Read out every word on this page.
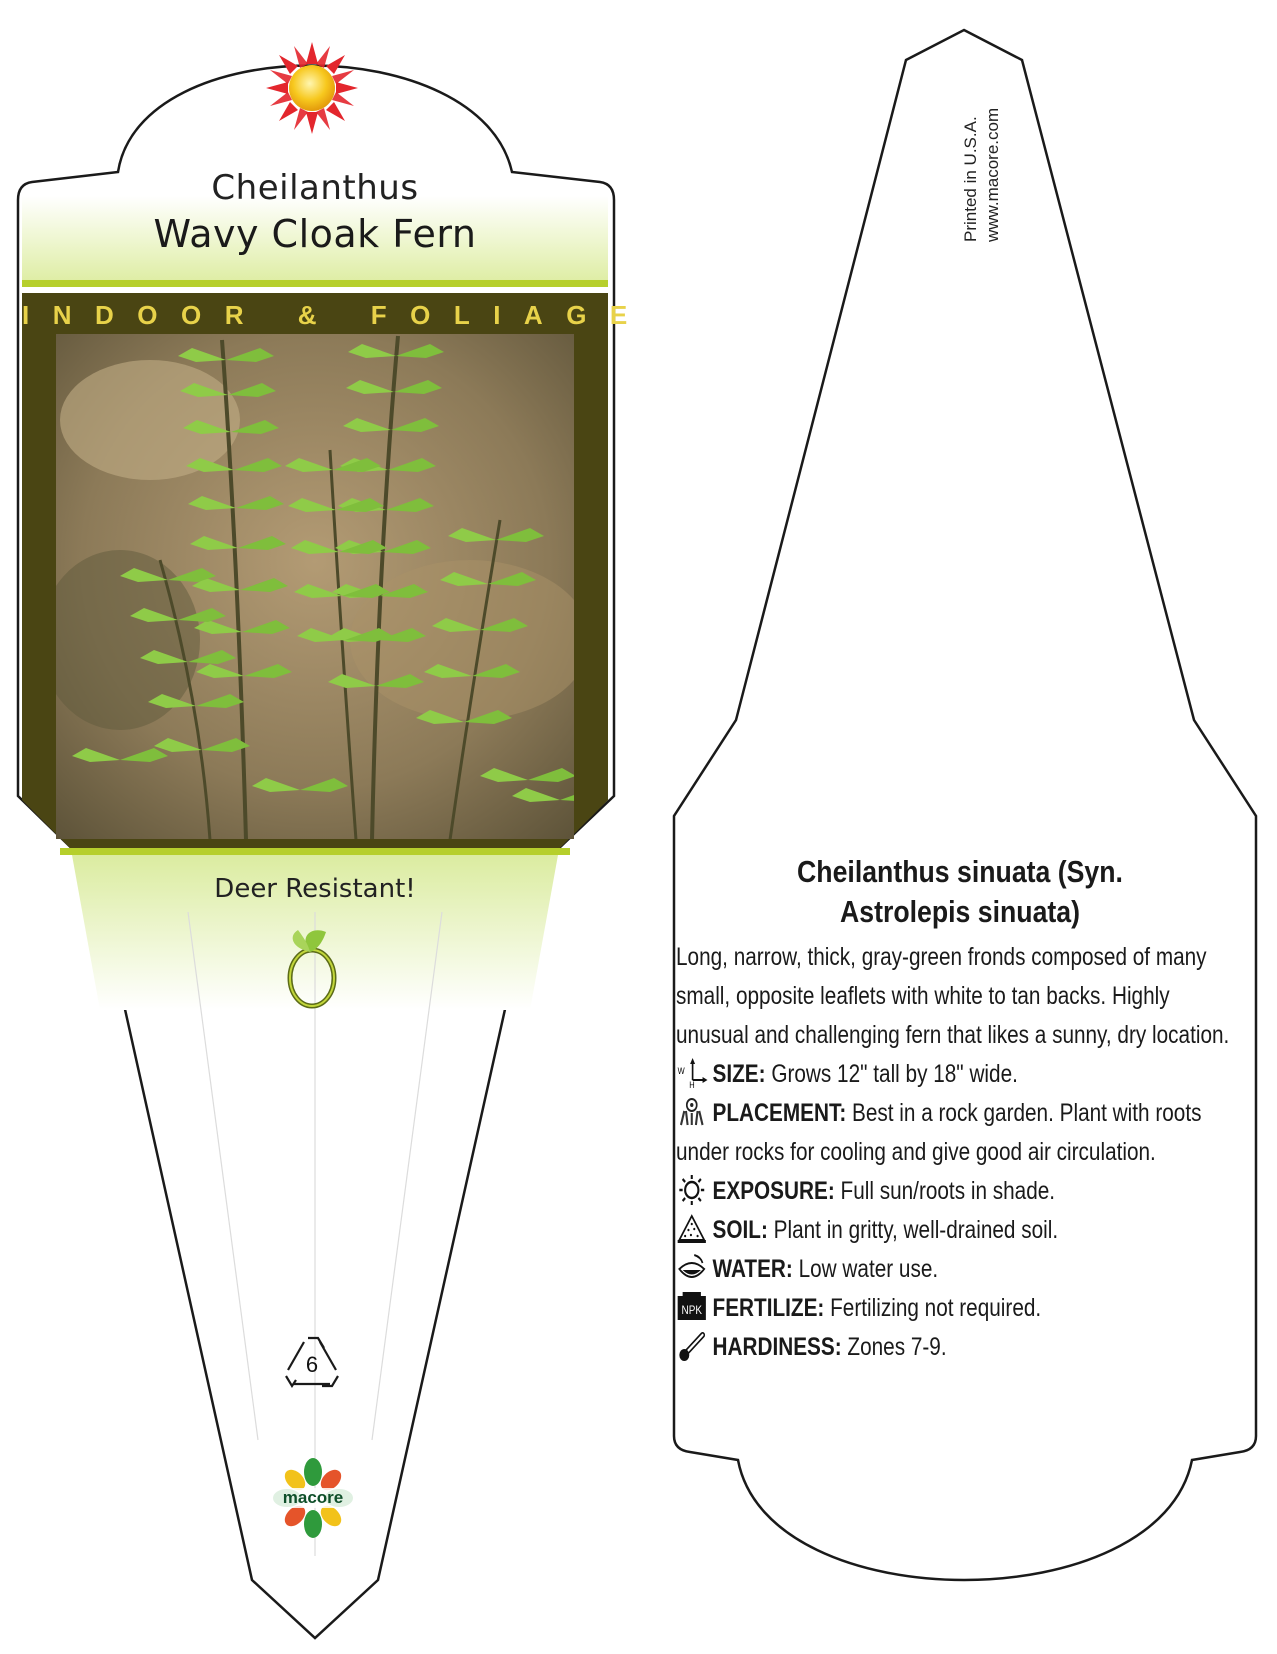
Cheilanthus
Wavy Cloak Fern
INDOOR & FOLIAGE
Deer Resistant!
6
macore
Printed in U.S.A. www.macore.com
Cheilanthus sinuata (Syn.
Astrolepis sinuata)
Long, narrow, thick, gray-green fronds composed of many small, opposite leaflets with white to tan backs. Highly unusual and challenging fern that likes a sunny, dry location.
W
H SIZE: Grows 12" tall by 18" wide.
PLACEMENT: Best in a rock garden. Plant with roots under rocks for cooling and give good air circulation.
EXPOSURE: Full sun/roots in shade.
SOIL: Plant in gritty, well-drained soil.
WATER: Low water use.
NPK FERTILIZE: Fertilizing not required.
HARDINESS: Zones 7-9.
